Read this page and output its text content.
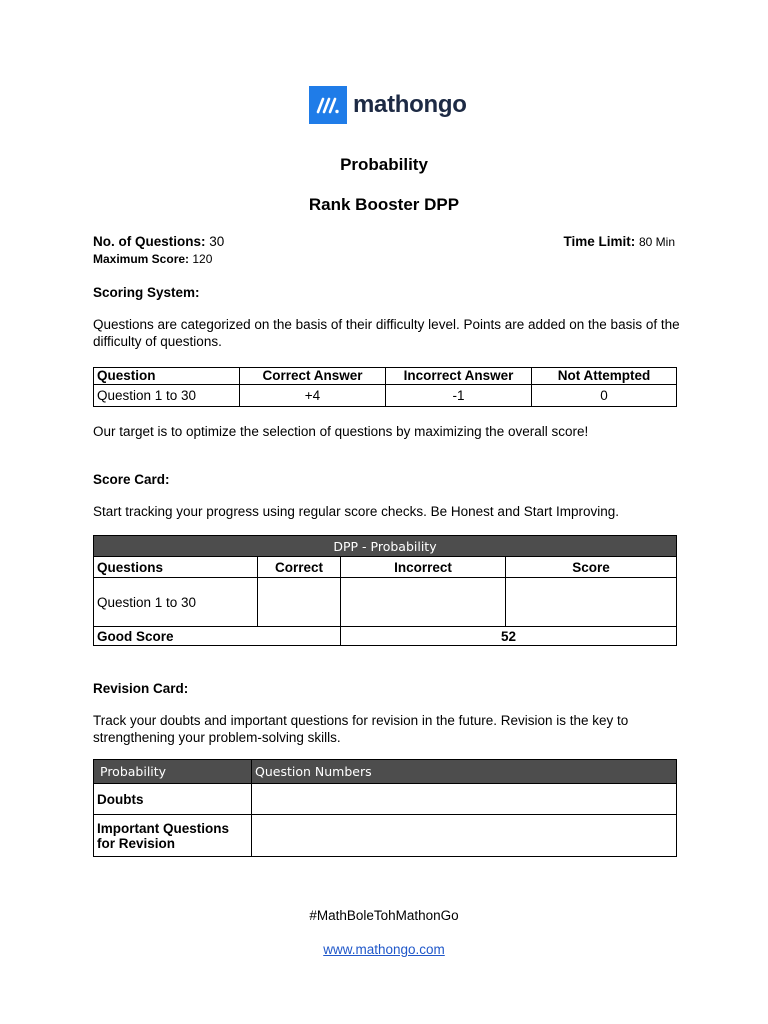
mathongo
Probability
Rank Booster DPP
No. of Questions: 30	Time Limit: 80 Min
Maximum Score: 120
Scoring System:
Questions are categorized on the basis of their difficulty level. Points are added on the basis of the difficulty of questions.
Question	Correct Answer	Incorrect Answer	Not Attempted
Question 1 to 30	+4	-1	0
Our target is to optimize the selection of questions by maximizing the overall score!
Score Card:
Start tracking your progress using regular score checks. Be Honest and Start Improving.
DPP - Probability			
Questions	Correct	Incorrect	Score
Question 1 to 30			
Good Score		52	
Revision Card:
Track your doubts and important questions for revision in the future. Revision is the key to strengthening your problem-solving skills.
Probability	Question Numbers
Doubts	
Important Questions for Revision	
#MathBoleTohMathonGo
www.mathongo.com
